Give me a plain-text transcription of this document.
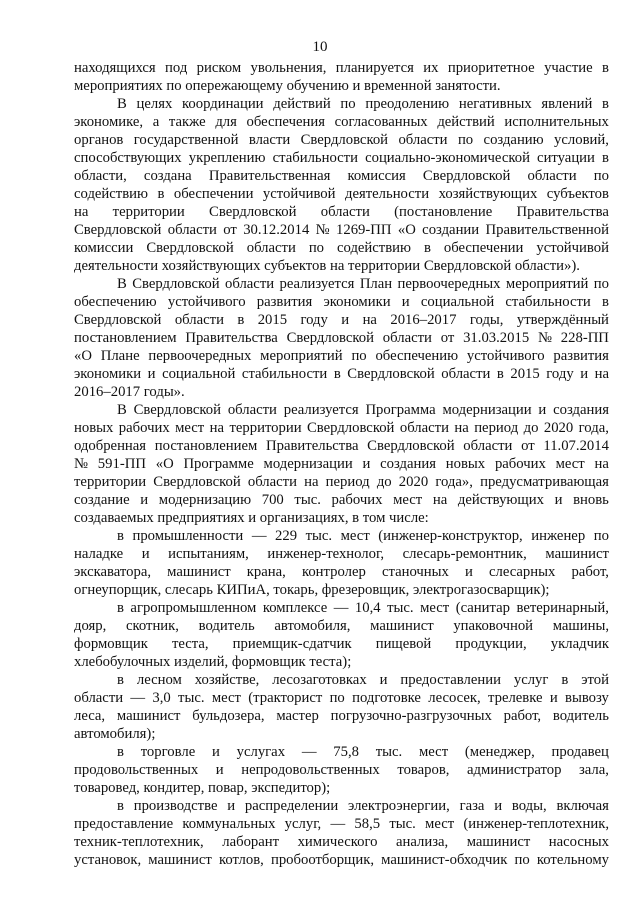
10
находящихся под риском увольнения, планируется их приоритетное участие в
мероприятиях по опережающему обучению и временной занятости.
В целях координации действий по преодолению негативных явлений в
экономике, а также для обеспечения согласованных действий исполнительных
органов государственной власти Свердловской области по созданию условий,
способствующих укреплению стабильности социально-экономической ситуации в
области, создана Правительственная комиссия Свердловской области по
содействию в обеспечении устойчивой деятельности хозяйствующих субъектов
на территории Свердловской области (постановление Правительства
Свердловской области от 30.12.2014 № 1269-ПП «О создании Правительственной
комиссии Свердловской области по содействию в обеспечении устойчивой
деятельности хозяйствующих субъектов на территории Свердловской области»).
В Свердловской области реализуется План первоочередных мероприятий по
обеспечению устойчивого развития экономики и социальной стабильности в
Свердловской области в 2015 году и на 2016–2017 годы, утверждённый
постановлением Правительства Свердловской области от 31.03.2015 № 228-ПП
«О Плане первоочередных мероприятий по обеспечению устойчивого развития
экономики и социальной стабильности в Свердловской области в 2015 году и на
2016–2017 годы».
В Свердловской области реализуется Программа модернизации и создания
новых рабочих мест на территории Свердловской области на период до 2020 года,
одобренная постановлением Правительства Свердловской области от 11.07.2014
№ 591-ПП «О Программе модернизации и создания новых рабочих мест на
территории Свердловской области на период до 2020 года», предусматривающая
создание и модернизацию 700 тыс. рабочих мест на действующих и вновь
создаваемых предприятиях и организациях, в том числе:
в промышленности — 229 тыс. мест (инженер-конструктор, инженер по
наладке и испытаниям, инженер-технолог, слесарь-ремонтник, машинист
экскаватора, машинист крана, контролер станочных и слесарных работ,
огнеупорщик, слесарь КИПиА, токарь, фрезеровщик, электрогазосварщик);
в агропромышленном комплексе — 10,4 тыс. мест (санитар ветеринарный,
дояр, скотник, водитель автомобиля, машинист упаковочной машины,
формовщик теста, приемщик-сдатчик пищевой продукции, укладчик
хлебобулочных изделий, формовщик теста);
в лесном хозяйстве, лесозаготовках и предоставлении услуг в этой
области — 3,0 тыс. мест (тракторист по подготовке лесосек, трелевке и вывозу
леса, машинист бульдозера, мастер погрузочно-разгрузочных работ, водитель
автомобиля);
в торговле и услугах — 75,8 тыс. мест (менеджер, продавец
продовольственных и непродовольственных товаров, администратор зала,
товаровед, кондитер, повар, экспедитор);
в производстве и распределении электроэнергии, газа и воды, включая
предоставление коммунальных услуг, — 58,5 тыс. мест (инженер-теплотехник,
техник-теплотехник, лаборант химического анализа, машинист насосных
установок, машинист котлов, пробоотборщик, машинист-обходчик по котельному
